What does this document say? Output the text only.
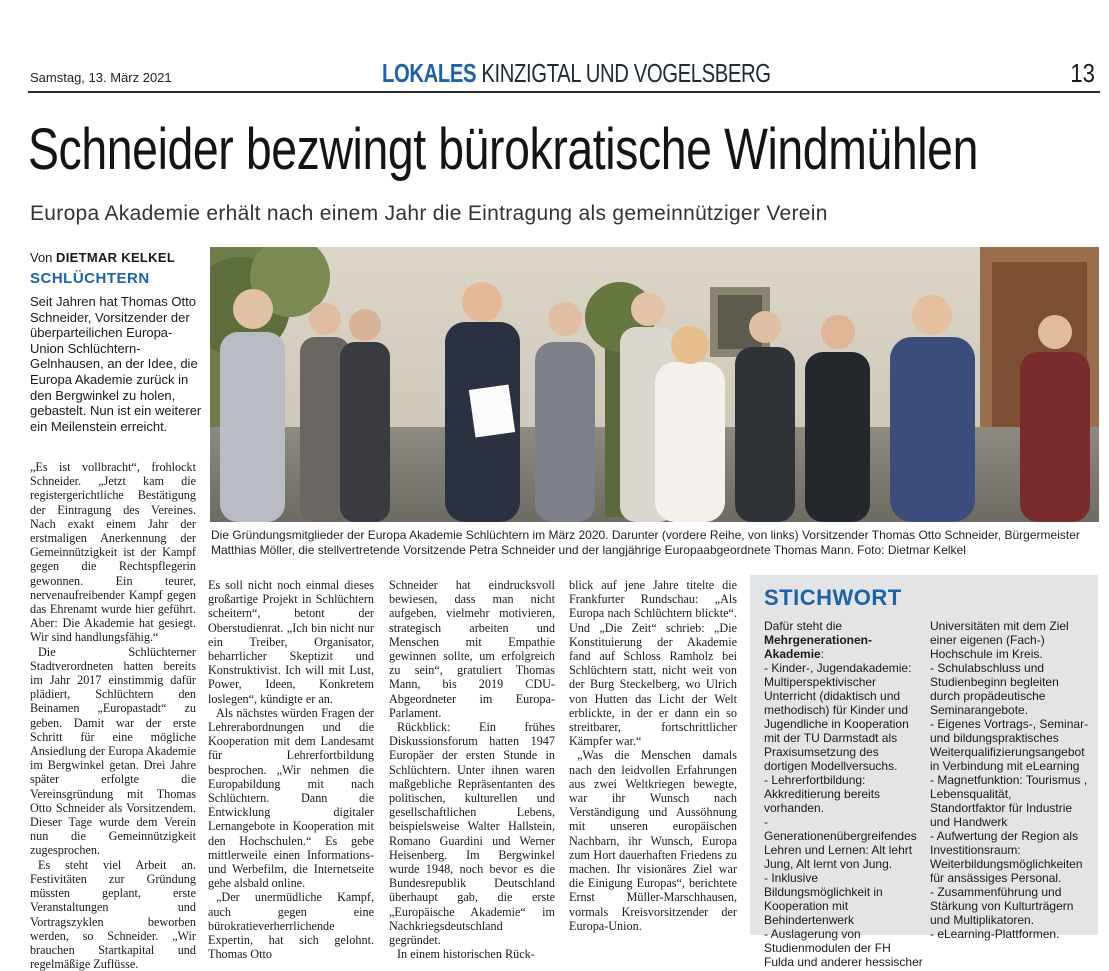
Samstag, 13. März 2021	LOKALES KINZIGTAL UND VOGELSBERG	13
Schneider bezwingt bürokratische Windmühlen
Europa Akademie erhält nach einem Jahr die Eintragung als gemeinnütziger Verein
Von DIETMAR KELKEL
SCHLÜCHTERN
Seit Jahren hat Thomas Otto Schneider, Vorsitzender der überparteilichen Europa-Union Schlüchtern-Gelnhausen, an der Idee, die Europa Akademie zurück in den Bergwinkel zu holen, gebastelt. Nun ist ein weiterer ein Meilenstein erreicht.
Die Gründungsmitglieder der Europa Akademie Schlüchtern im März 2020. Darunter (vordere Reihe, von links) Vorsitzender Thomas Otto Schneider, Bürgermeister Matthias Möller, die stellvertretende Vorsitzende Petra Schneider und der langjährige Europaabgeordnete Thomas Mann. Foto: Dietmar Kelkel

„Es ist vollbracht“, frohlockt Schneider. „Jetzt kam die registergerichtliche Bestätigung der Eintragung des Vereines. Nach exakt einem Jahr der erstmaligen Anerkennung der Gemeinnützigkeit ist der Kampf gegen die Rechtspflegerin gewonnen. Ein teurer, nervenaufreibender Kampf gegen das Ehrenamt wurde hier geführt. Aber: Die Akademie hat gesiegt. Wir sind handlungsfähig.“

Die Schlüchterner Stadtverordneten hatten bereits im Jahr 2017 einstimmig dafür plädiert, Schlüchtern den Beinamen „Europastadt“ zu geben. Damit war der erste Schritt für eine mögliche Ansiedlung der Europa Akademie im Bergwinkel getan. Drei Jahre später erfolgte die Vereinsgründung mit Thomas Otto Schneider als Vorsitzendem. Dieser Tage wurde dem Verein nun die Gemeinnützigkeit zugesprochen.

Es steht viel Arbeit an. Festivitäten zur Gründung müssten geplant, erste Veranstaltungen und Vortragszyklen beworben werden, so Schneider. „Wir brauchen Startkapital und regelmäßige Zuflüsse.

Es soll nicht noch einmal dieses großartige Projekt in Schlüchtern scheitern“, betont der Oberstudienrat. „Ich bin nicht nur ein Treiber, Organisator, beharrlicher Skeptizit und Konstruktivist. Ich will mit Lust, Power, Ideen, Konkretem loslegen“, kündigte er an.

Als nächstes würden Fragen der Lehrerabordnungen und die Kooperation mit dem Landesamt für Lehrerfortbildung besprochen. „Wir nehmen die Europabildung mit nach Schlüchtern. Dann die Entwicklung digitaler Lernangebote in Kooperation mit den Hochschulen.“ Es gebe mittlerweile einen Informations- und Werbefilm, die Internetseite gehe alsbald online.

„Der unermüdliche Kampf, auch gegen eine bürokratieverherrlichende Expertin, hat sich gelohnt. Thomas Otto

Schneider hat eindrucksvoll bewiesen, dass man nicht aufgeben, vielmehr motivieren, strategisch arbeiten und Menschen mit Empathie gewinnen sollte, um erfolgreich zu sein“, gratuliert Thomas Mann, bis 2019 CDU-Abgeordneter im Europa-Parlament.

Rückblick: Ein frühes Diskussionsforum hatten 1947 Europäer der ersten Stunde in Schlüchtern. Unter ihnen waren maßgebliche Repräsentanten des politischen, kulturellen und gesellschaftlichen Lebens, beispielsweise Walter Hallstein, Romano Guardini und Werner Heisenberg. Im Bergwinkel wurde 1948, noch bevor es die Bundesrepublik Deutschland überhaupt gab, die erste „Europäische Akademie“ im Nachkriegsdeutschland gegründet.

In einem historischen Rück-

blick auf jene Jahre titelte die Frankfurter Rundschau: „Als Europa nach Schlüchtern blickte“. Und „Die Zeit“ schrieb: „Die Konstituierung der Akademie fand auf Schloss Ramholz bei Schlüchtern statt, nicht weit von der Burg Steckelberg, wo Ulrich von Hutten das Licht der Welt erblickte, in der er dann ein so streitbarer, fortschrittlicher Kämpfer war.“

„Was die Menschen damals nach den leidvollen Erfahrungen aus zwei Weltkriegen bewegte, war ihr Wunsch nach Verständigung und Aussöhnung mit unseren europäischen Nachbarn, ihr Wunsch, Europa zum Hort dauerhaften Friedens zu machen. Ihr visionäres Ziel war die Einigung Europas“, berichtete Ernst Müller-Marschhausen, vormals Kreisvorsitzender der Europa-Union.

STICHWORT
Dafür steht die Mehrgenerationen-Akademie:
- Kinder-, Jugendakademie: Multiperspektivischer Unterricht (didaktisch und methodisch) für Kinder und Jugendliche in Kooperation mit der TU Darmstadt als Praxisumsetzung des dortigen Modellversuchs.
- Lehrerfortbildung: Akkreditierung bereits vorhanden.
- Generationenübergreifendes Lehren und Lernen: Alt lehrt Jung, Alt lernt von Jung.
- Inklusive Bildungsmöglichkeit in Kooperation mit Behindertenwerk
- Auslagerung von Studienmodulen der FH Fulda und anderer hessischer
Universitäten mit dem Ziel einer eigenen (Fach-) Hochschule im Kreis.
- Schulabschluss und Studienbeginn begleiten durch propädeutische Seminarangebote.
- Eigenes Vortrags-, Seminar- und bildungspraktisches Weiterqualifizierungsangebot in Verbindung mit eLearning
- Magnetfunktion: Tourismus , Lebensqualität, Standortfaktor für Industrie und Handwerk
- Aufwertung der Region als Investitionsraum: Weiterbildungsmöglichkeiten für ansässiges Personal.
- Zusammenführung und Stärkung von Kulturträgern und Multiplikatoren.
- eLearning-Plattformen.
